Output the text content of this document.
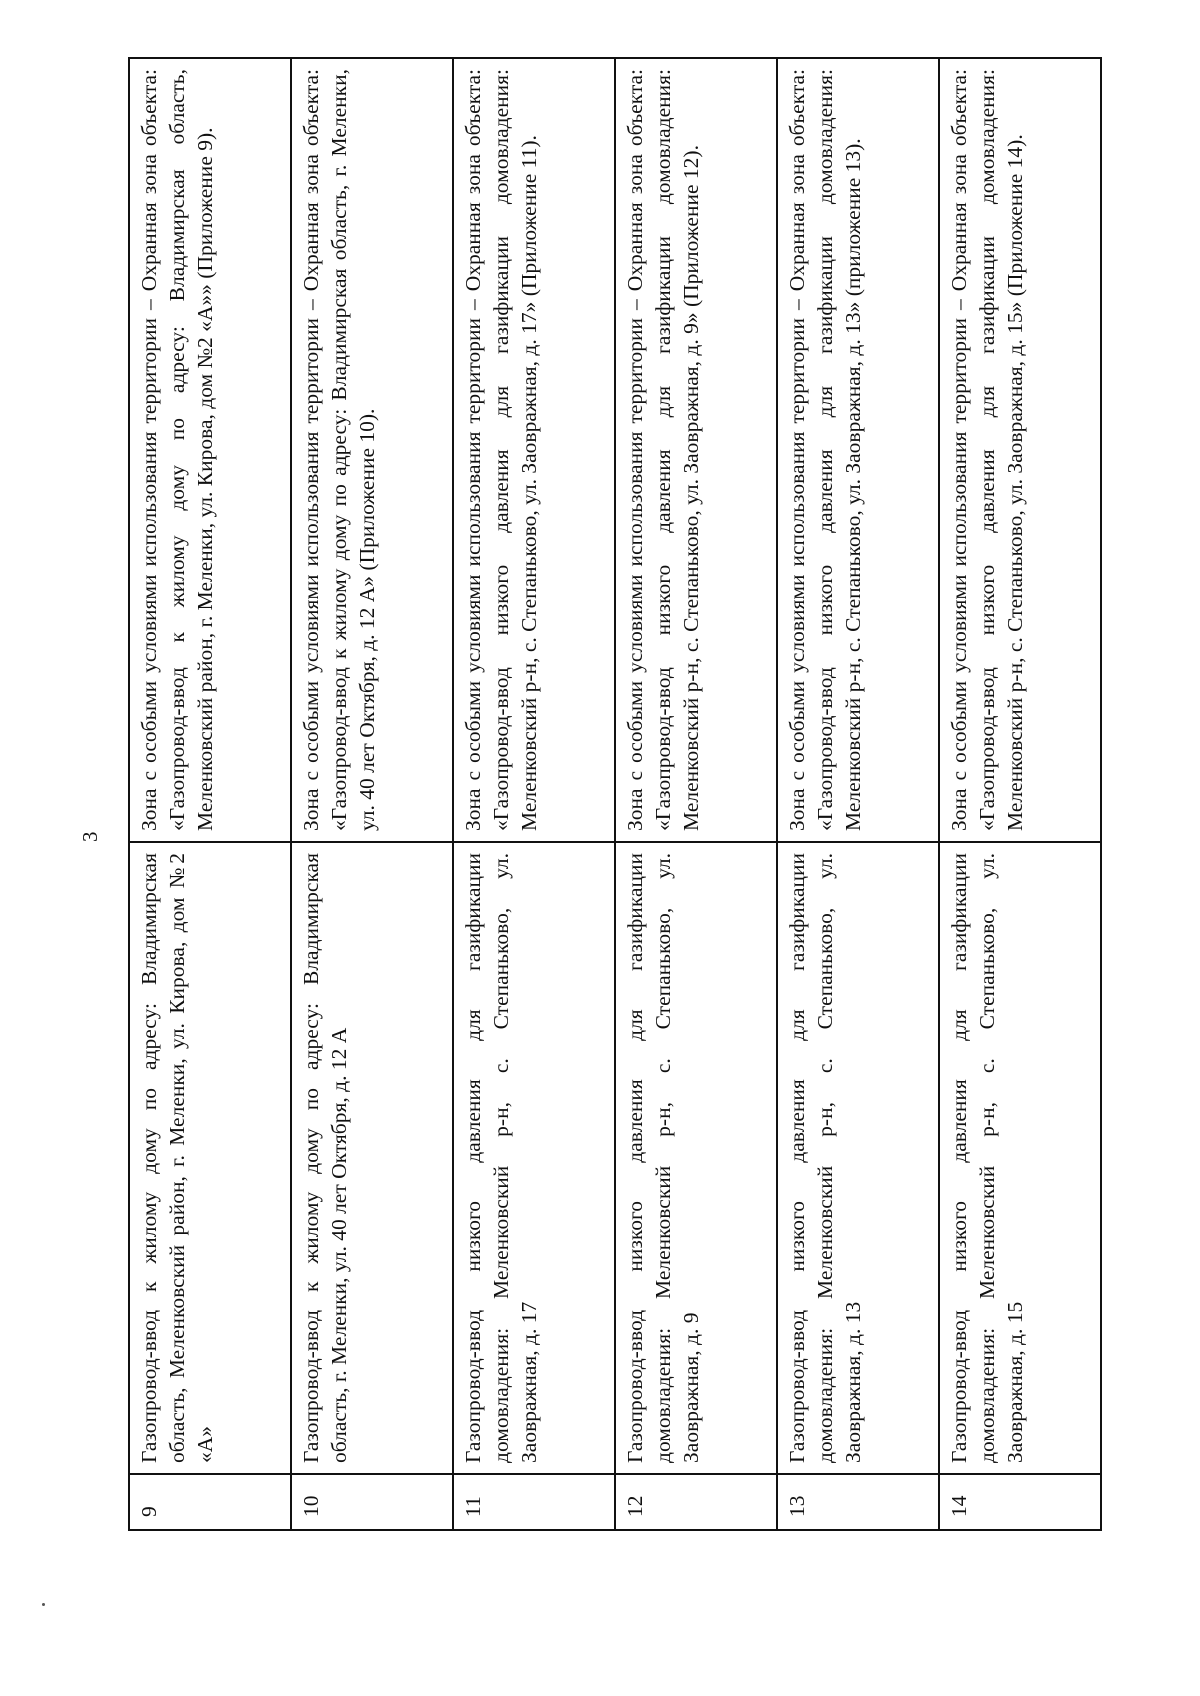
3
9	Газопровод-ввод к жилому дому по адресу: Владимирская область, Меленковский район, г. Меленки, ул. Кирова, дом №2 «А»	Зона с особыми условиями использования территории – Охранная зона объекта: «Газопровод-ввод к жилому дому по адресу: Владимирская область, Меленковский район, г. Меленки, ул. Кирова, дом №2 «А»» (Приложение 9).
10	Газопровод-ввод к жилому дому по адресу: Владимирская область, г. Меленки, ул. 40 лет Октября, д. 12 А	Зона с особыми условиями использования территории – Охранная зона объекта: «Газопровод-ввод к жилому дому по адресу: Владимирская область, г. Меленки, ул. 40 лет Октября, д. 12 А» (Приложение 10).
11	Газопровод-ввод низкого давления для газификации домовладения: Меленковский р-н, с. Степаньково, ул. Заовражная, д. 17	Зона с особыми условиями использования территории – Охранная зона объекта: «Газопровод-ввод низкого давления для газификации домовладения: Меленковский р-н, с. Степаньково, ул. Заовражная, д. 17» (Приложение 11).
12	Газопровод-ввод низкого давления для газификации домовладения: Меленковский р-н, с. Степаньково, ул. Заовражная, д. 9	Зона с особыми условиями использования территории – Охранная зона объекта: «Газопровод-ввод низкого давления для газификации домовладения: Меленковский р-н, с. Степаньково, ул. Заовражная, д. 9» (Приложение 12).
13	Газопровод-ввод низкого давления для газификации домовладения: Меленковский р-н, с. Степаньково, ул. Заовражная, д. 13	Зона с особыми условиями использования территории – Охранная зона объекта: «Газопровод-ввод низкого давления для газификации домовладения: Меленковский р-н, с. Степаньково, ул. Заовражная, д. 13» (приложение 13).
14	Газопровод-ввод низкого давления для газификации домовладения: Меленковский р-н, с. Степаньково, ул. Заовражная, д. 15	Зона с особыми условиями использования территории – Охранная зона объекта: «Газопровод-ввод низкого давления для газификации домовладения: Меленковский р-н, с. Степаньково, ул. Заовражная, д. 15» (Приложение 14).
